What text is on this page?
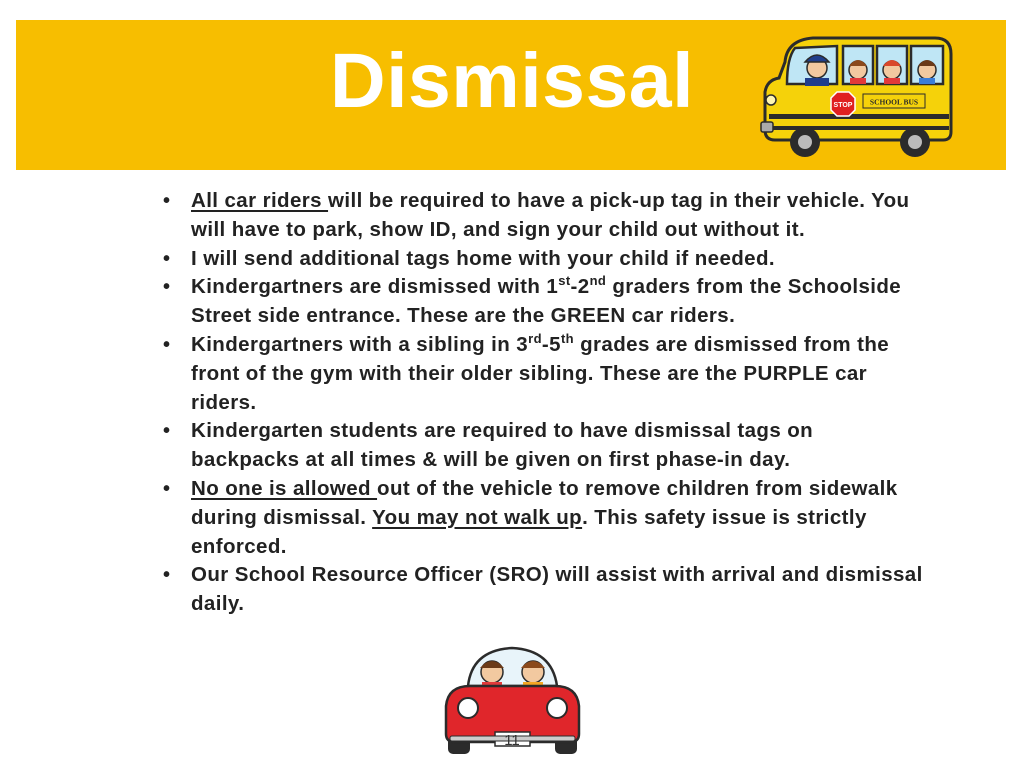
Dismissal	STOP SCHOOL BUS
• All car riders will be required to have a pick-up tag in their vehicle. You will have to park, show ID, and sign your child out without it.
• I will send additional tags home with your child if needed.
• Kindergartners are dismissed with 1st-2nd graders from the Schoolside Street side entrance. These are the GREEN car riders.
• Kindergartners with a sibling in 3rd-5th grades are dismissed from the front of the gym with their older sibling. These are the PURPLE car riders.
• Kindergarten students are required to have dismissal tags on backpacks at all times & will be given on first phase-in day.
• No one is allowed out of the vehicle to remove children from sidewalk during dismissal. You may not walk up. This safety issue is strictly enforced.
• Our School Resource Officer (SRO) will assist with arrival and dismissal daily.
11
